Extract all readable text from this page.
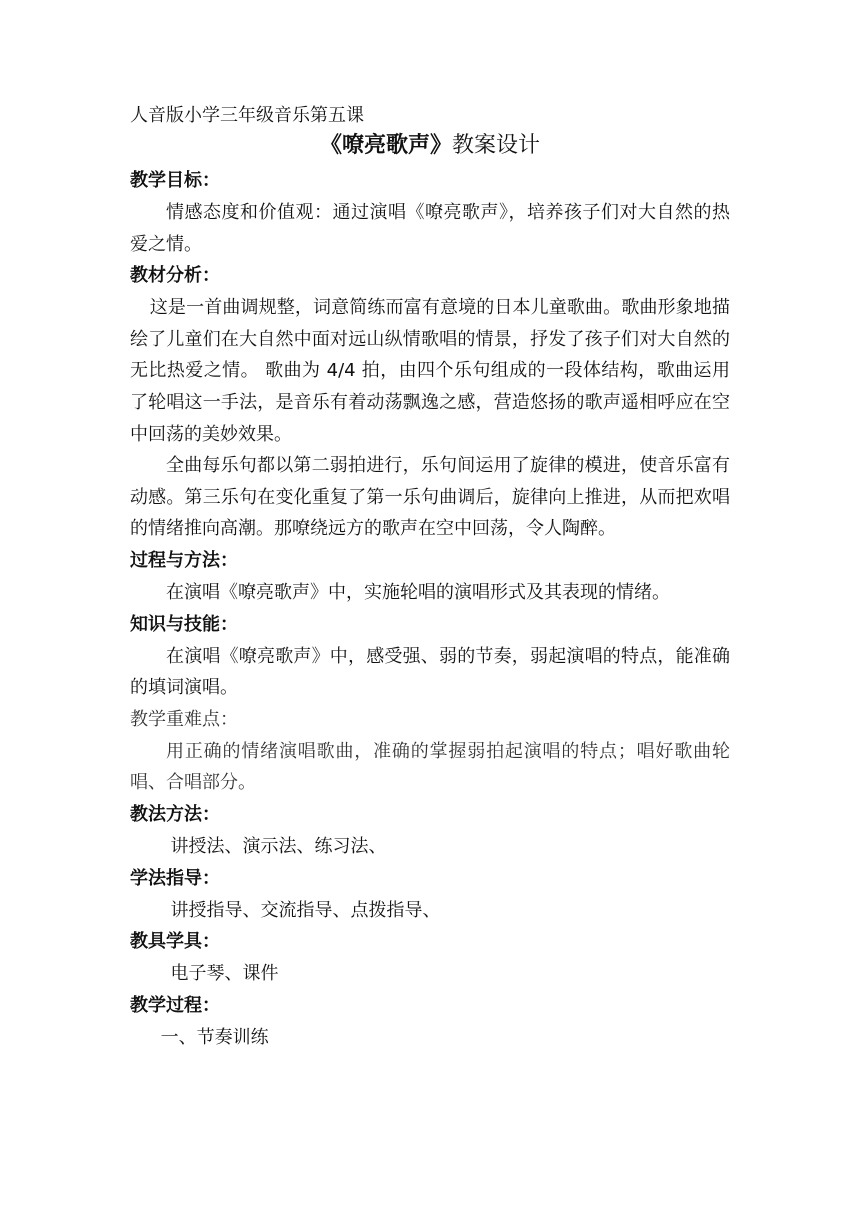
人音版小学三年级音乐第五课

《嘹亮歌声》教案设计

教学目标：

情感态度和价值观：通过演唱《嘹亮歌声》，培养孩子们对大自然的热爱之情。

教材分析：

这是一首曲调规整，词意简练而富有意境的日本儿童歌曲。歌曲形象地描绘了儿童们在大自然中面对远山纵情歌唱的情景，抒发了孩子们对大自然的无比热爱之情。 歌曲为 4/4 拍，由四个乐句组成的一段体结构，歌曲运用了轮唱这一手法，是音乐有着动荡飘逸之感，营造悠扬的歌声遥相呼应在空中回荡的美妙效果。

全曲每乐句都以第二弱拍进行，乐句间运用了旋律的模进，使音乐富有动感。第三乐句在变化重复了第一乐句曲调后，旋律向上推进，从而把欢唱的情绪推向高潮。那嘹绕远方的歌声在空中回荡，令人陶醉。

过程与方法：

在演唱《嘹亮歌声》中，实施轮唱的演唱形式及其表现的情绪。

知识与技能：

在演唱《嘹亮歌声》中，感受强、弱的节奏，弱起演唱的特点，能准确的填词演唱。

教学重难点：

用正确的情绪演唱歌曲，准确的掌握弱拍起演唱的特点；唱好歌曲轮唱、合唱部分。

教法方法：

讲授法、演示法、练习法、

学法指导：

讲授指导、交流指导、点拨指导、

教具学具：

电子琴、课件

教学过程：

一、节奏训练
